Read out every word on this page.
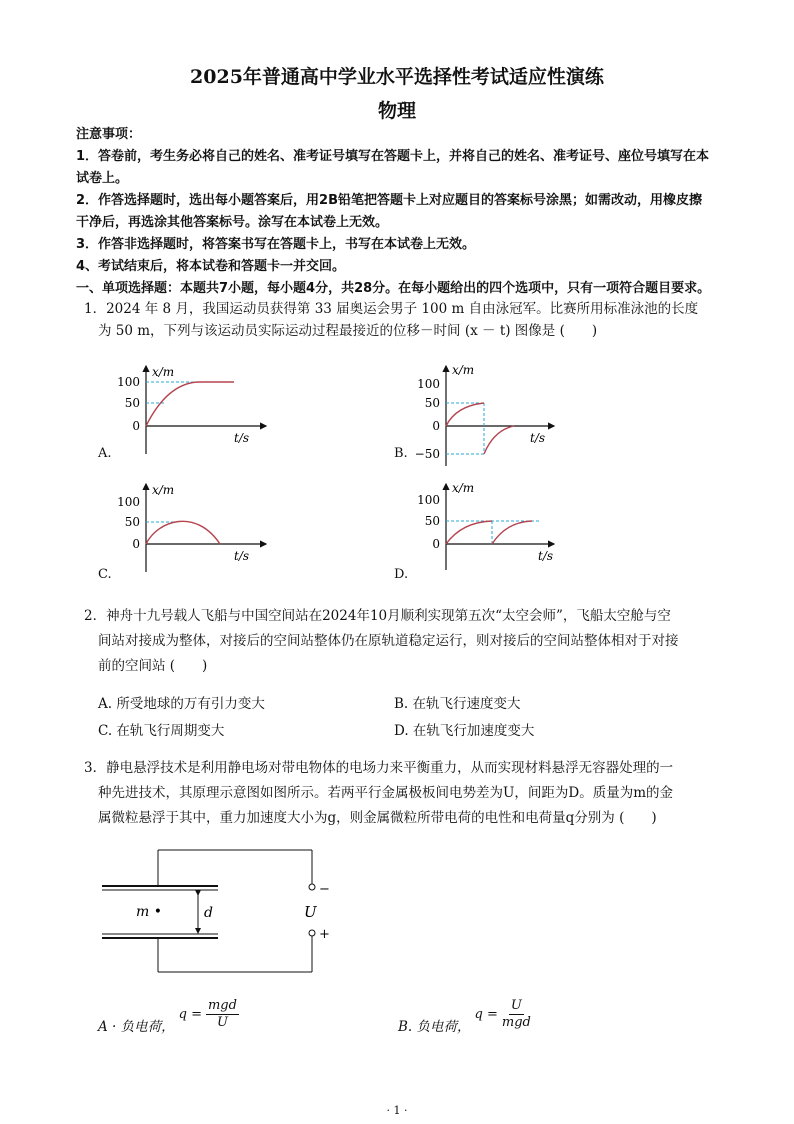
2025年普通高中学业水平选择性考试适应性演练
物理
注意事项：
1．答卷前，考生务必将自己的姓名、准考证号填写在答题卡上，并将自己的姓名、准考证号、座位号填写在本
试卷上。
2．作答选择题时，选出每小题答案后，用2B铅笔把答题卡上对应题目的答案标号涂黑；如需改动，用橡皮擦
干净后，再选涂其他答案标号。涂写在本试卷上无效。
3．作答非选择题时，将答案书写在答题卡上，书写在本试卷上无效。
4、考试结束后，将本试卷和答题卡一并交回。
一、单项选择题：本题共7小题，每小题4分，共28分。在每小题给出的四个选项中，只有一项符合题目要求。
1．2024 年 8 月，我国运动员获得第 33 届奥运会男子 100 m 自由泳冠军。比赛所用标准泳池的长度
为 50 m，下列与该运动员实际运动过程最接近的位移－时间 (x － t) 图像是 (　　)
x/m
t/s
100
50
0
A.
x/m
t/s
100
50
0
−50
B.
x/m
t/s
100
50
0
C.
x/m
t/s
100
50
0
D.
2．神舟十九号载人飞船与中国空间站在2024年10月顺利实现第五次“太空会师”，飞船太空舱与空
间站对接成为整体，对接后的空间站整体仍在原轨道稳定运行，则对接后的空间站整体相对于对接
前的空间站 (　　)
A. 所受地球的万有引力变大	B. 在轨飞行速度变大
C. 在轨飞行周期变大	D. 在轨飞行加速度变大
3．静电悬浮技术是利用静电场对带电物体的电场力来平衡重力，从而实现材料悬浮无容器处理的一
种先进技术，其原理示意图如图所示。若两平行金属极板间电势差为U，间距为D。质量为m的金
属微粒悬浮于其中，重力加速度大小为g，则金属微粒所带电荷的电性和电荷量q分别为 (　　)
m •	d	U
−
+
A · 负电荷，
$q = \frac{\text{mgd}}{U}$	B. 负电荷，
$q = \frac{U}{\text{mgd}}$
· 1 ·
